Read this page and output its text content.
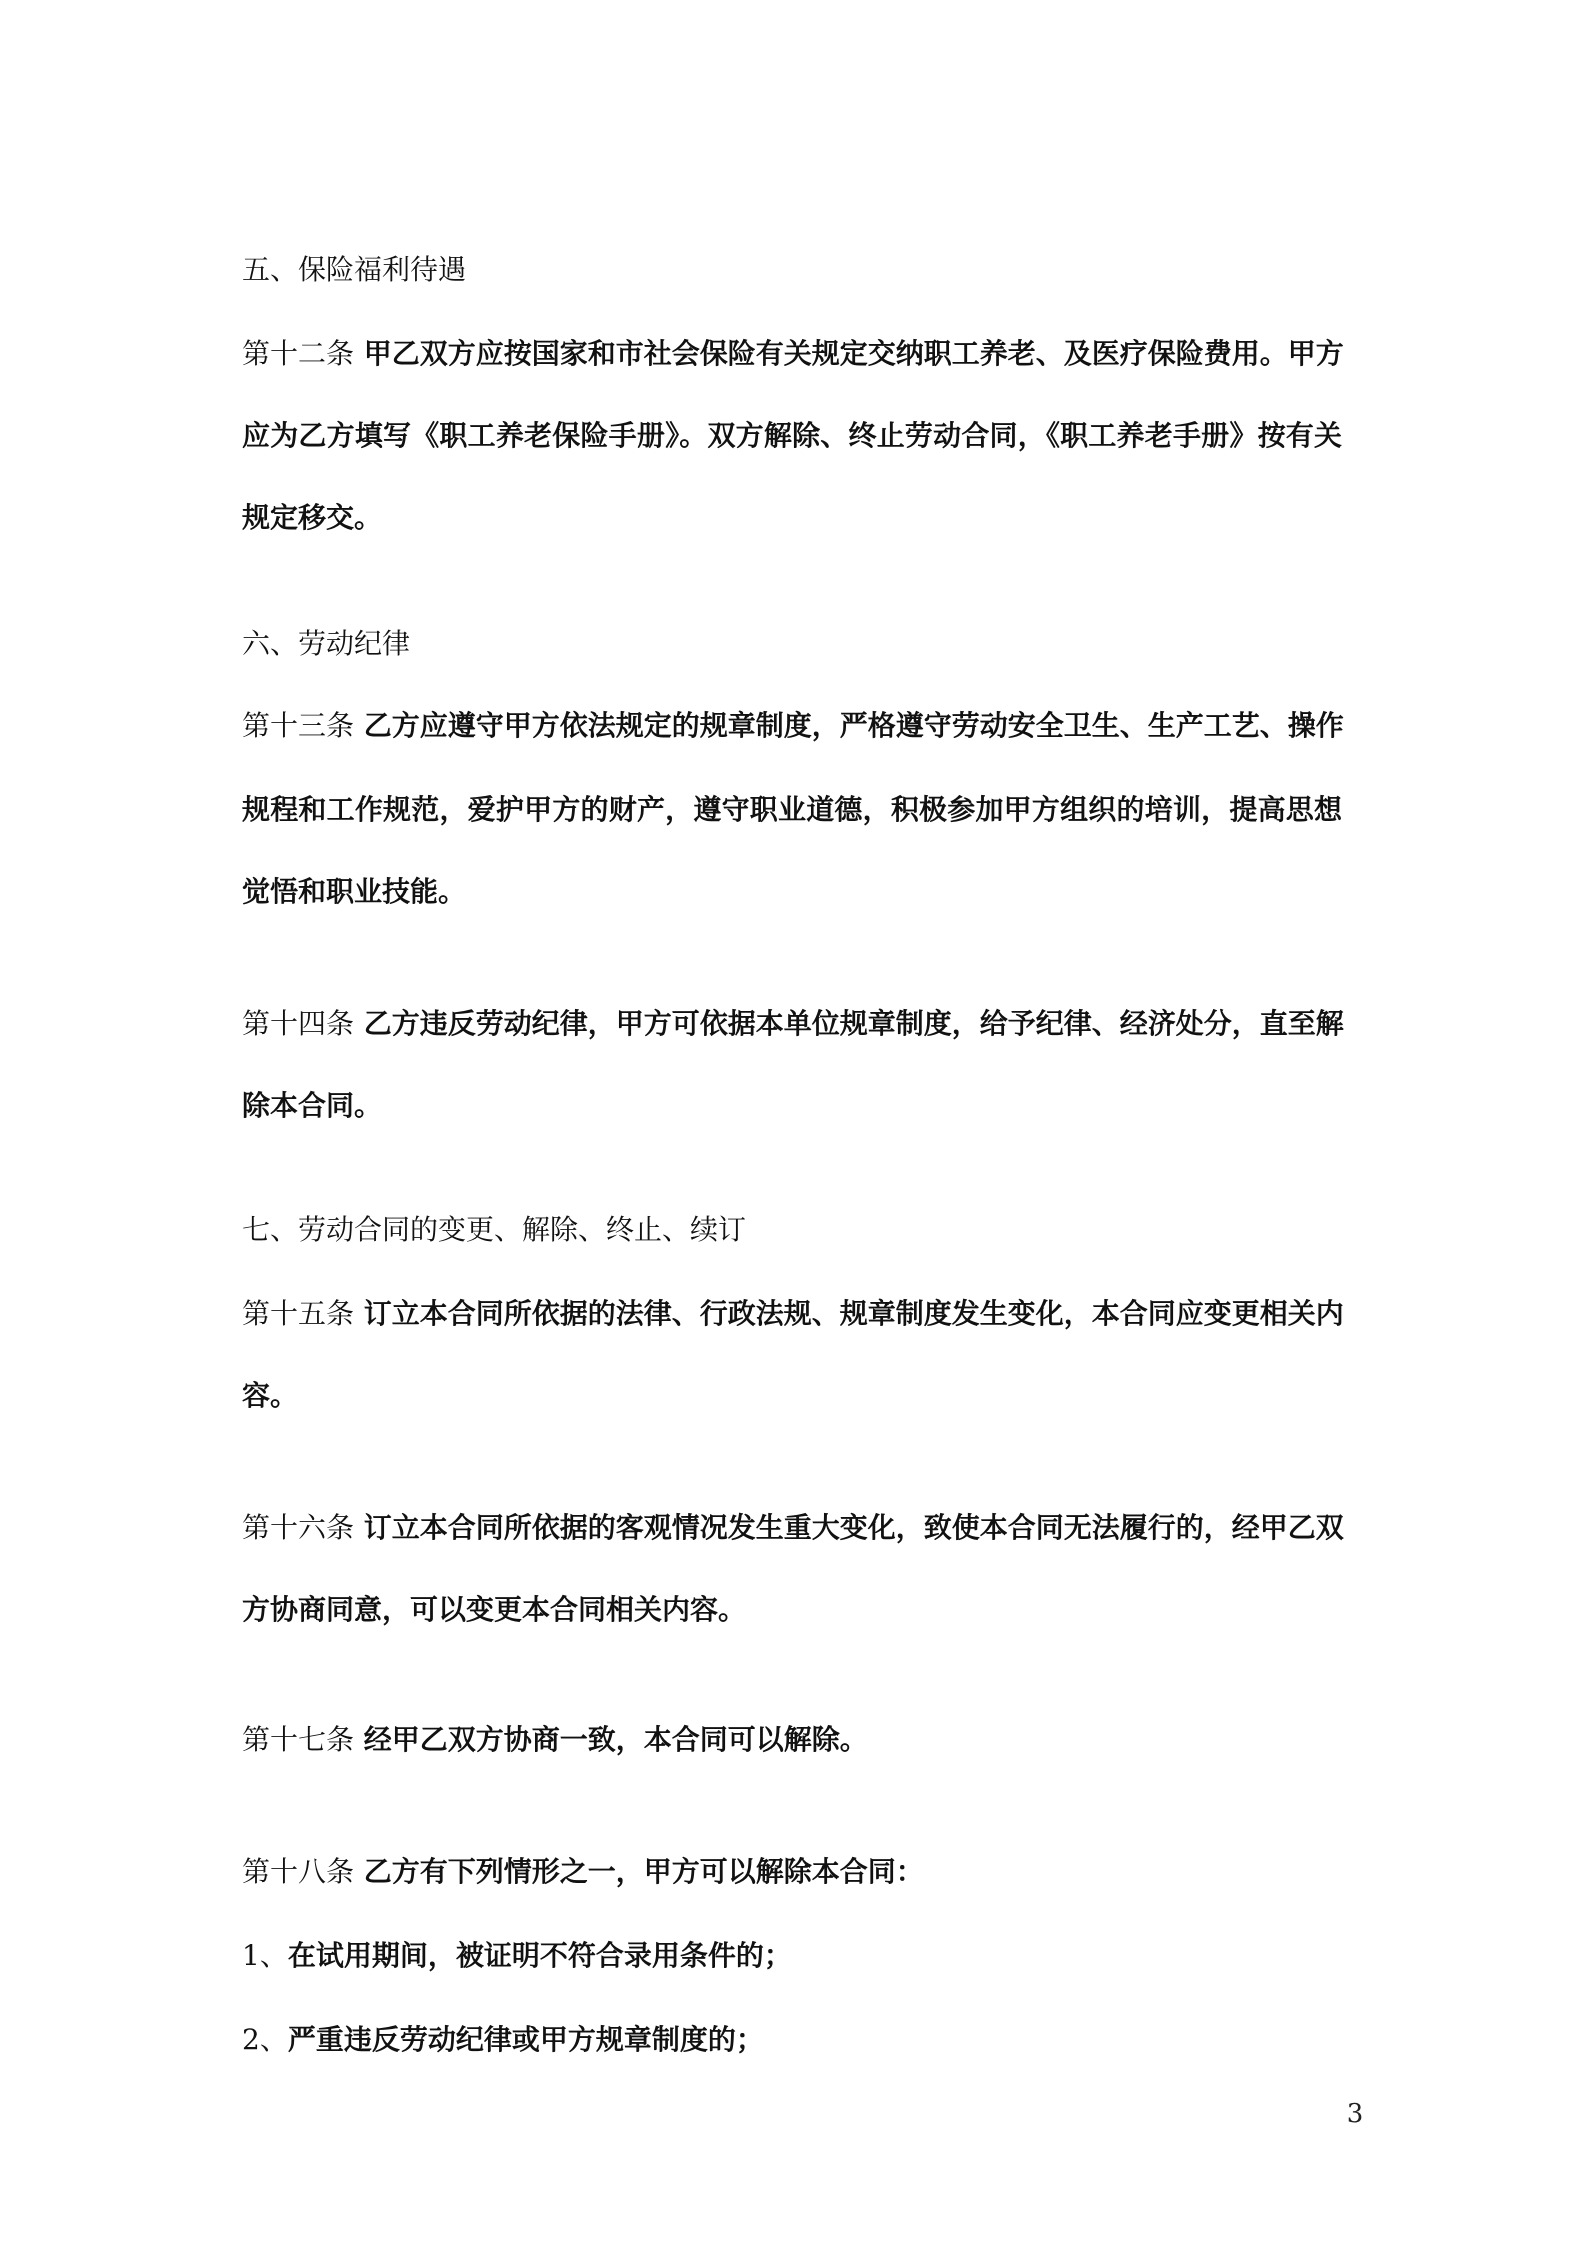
五、保险福利待遇
第十二条 甲乙双方应按国家和市社会保险有关规定交纳职工养老、及医疗保险费用。甲方
应为乙方填写《职工养老保险手册》。双方解除、终止劳动合同，《职工养老手册》按有关
规定移交。
六、劳动纪律
第十三条 乙方应遵守甲方依法规定的规章制度，严格遵守劳动安全卫生、生产工艺、操作
规程和工作规范，爱护甲方的财产，遵守职业道德，积极参加甲方组织的培训，提高思想
觉悟和职业技能。
第十四条 乙方违反劳动纪律，甲方可依据本单位规章制度，给予纪律、经济处分，直至解
除本合同。
七、劳动合同的变更、解除、终止、续订
第十五条 订立本合同所依据的法律、行政法规、规章制度发生变化，本合同应变更相关内
容。
第十六条 订立本合同所依据的客观情况发生重大变化，致使本合同无法履行的，经甲乙双
方协商同意，可以变更本合同相关内容。
第十七条 经甲乙双方协商一致，本合同可以解除。
第十八条 乙方有下列情形之一，甲方可以解除本合同：
1、在试用期间，被证明不符合录用条件的；
2、严重违反劳动纪律或甲方规章制度的；
3
